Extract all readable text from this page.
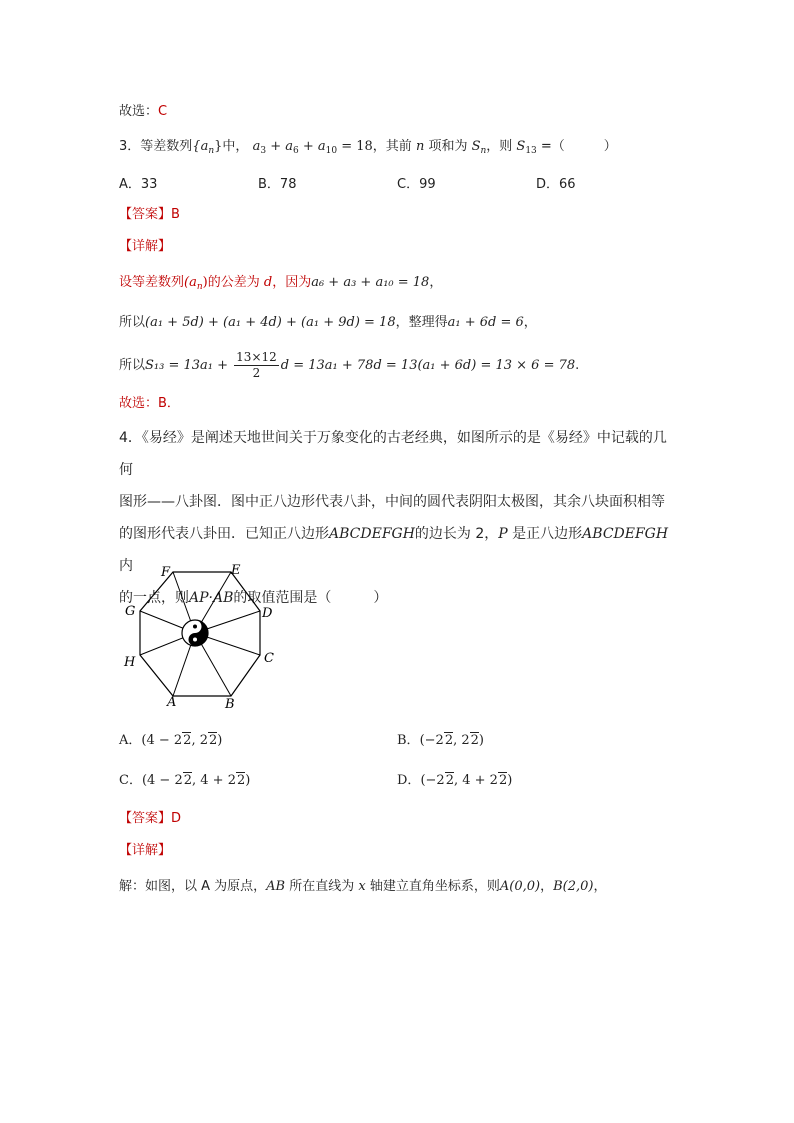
故选：C
3．等差数列$\{a_n\}$中， $a_3 + a_6 + a_{10} = 18$，其前 n 项和为 $S_n$，则 $S_{13}$ =（　　　）
A．33	B．78	C．99	D．66
【答案】B
【详解】
设等差数列$(a_n)$的公差为 d，因为a₆ + a₃ + a₁₀ = 18，
所以(a₁ + 5d) + (a₁ + 4d) + (a₁ + 9d) = 18，整理得a₁ + 6d = 6，
所以$S_{13} = 13a_1 + \frac{13\times 12}{2}$ d = 13a₁ + 78d = 13(a₁ + 6d) = 13 × 6 = 78.
故选：B．
4．《易经》是阐述天地世间关于万象变化的古老经典，如图所示的是《易经》中记载的几何
图形——八卦图．图中正八边形代表八卦，中间的圆代表阴阳太极图，其余八块面积相等
的图形代表八卦田．已知正八边形ABCDEFGH的边长为 2，P 是正八边形ABCDEFGH 内
的一点，则AP·AB的取值范围是（　　　）
A	B
C
D
E
F
G
H
A．(4 − 22, 22)	B．(−22, 22)
C．(4 − 22, 4 + 22)	D．(−22, 4 + 22)
【答案】D
【详解】
解：如图，以 A 为原点，AB 所在直线为 x 轴建立直角坐标系，则A(0,0)，B(2,0)，
